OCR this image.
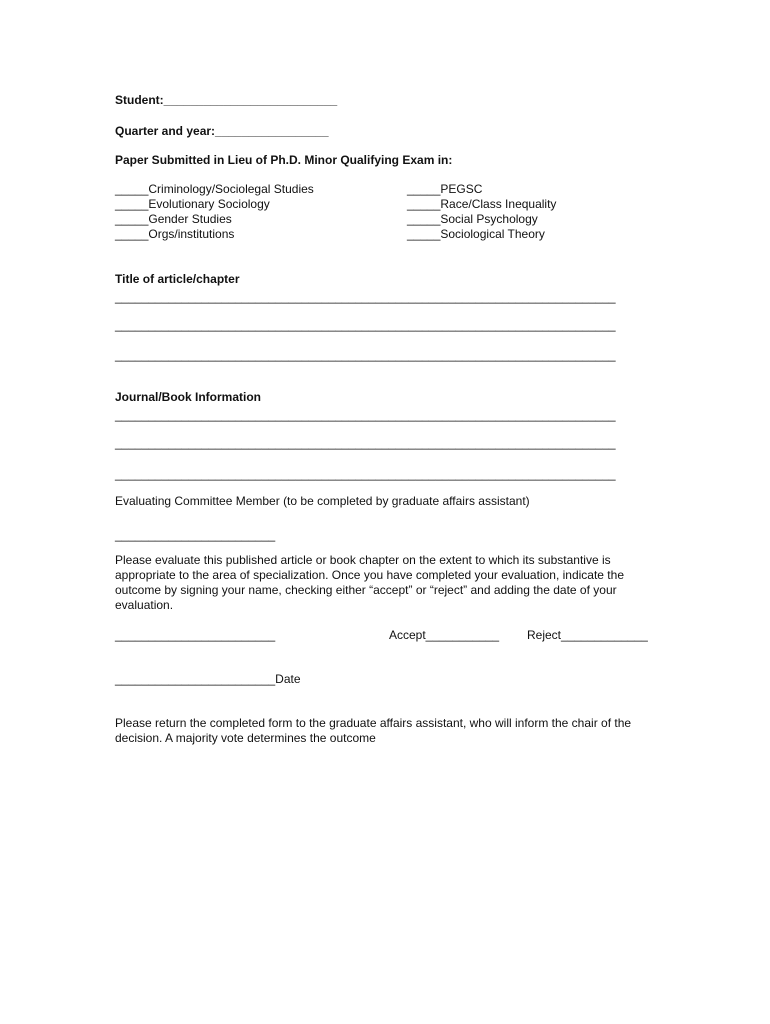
Student:__________________________
Quarter and year:_________________
Paper Submitted in Lieu of Ph.D. Minor Qualifying Exam in:
_____Criminology/Sociolegal Studies
_____Evolutionary Sociology
_____Gender Studies
_____Orgs/institutions
_____PEGSC
_____Race/Class Inequality
_____Social Psychology
_____Sociological Theory
Title of article/chapter
___________________________________________________________________________
___________________________________________________________________________
___________________________________________________________________________
Journal/Book Information
___________________________________________________________________________
___________________________________________________________________________
___________________________________________________________________________
Evaluating Committee Member (to be completed by graduate affairs assistant)
________________________
Please evaluate this published article or book chapter on the extent to which its substantive is appropriate to the area of specialization. Once you have completed your evaluation, indicate the outcome by signing your name, checking either “accept” or “reject” and adding the date of your evaluation.
________________________	Accept___________ Reject_____________
________________________Date
Please return the completed form to the graduate affairs assistant, who will inform the chair of the decision. A majority vote determines the outcome
